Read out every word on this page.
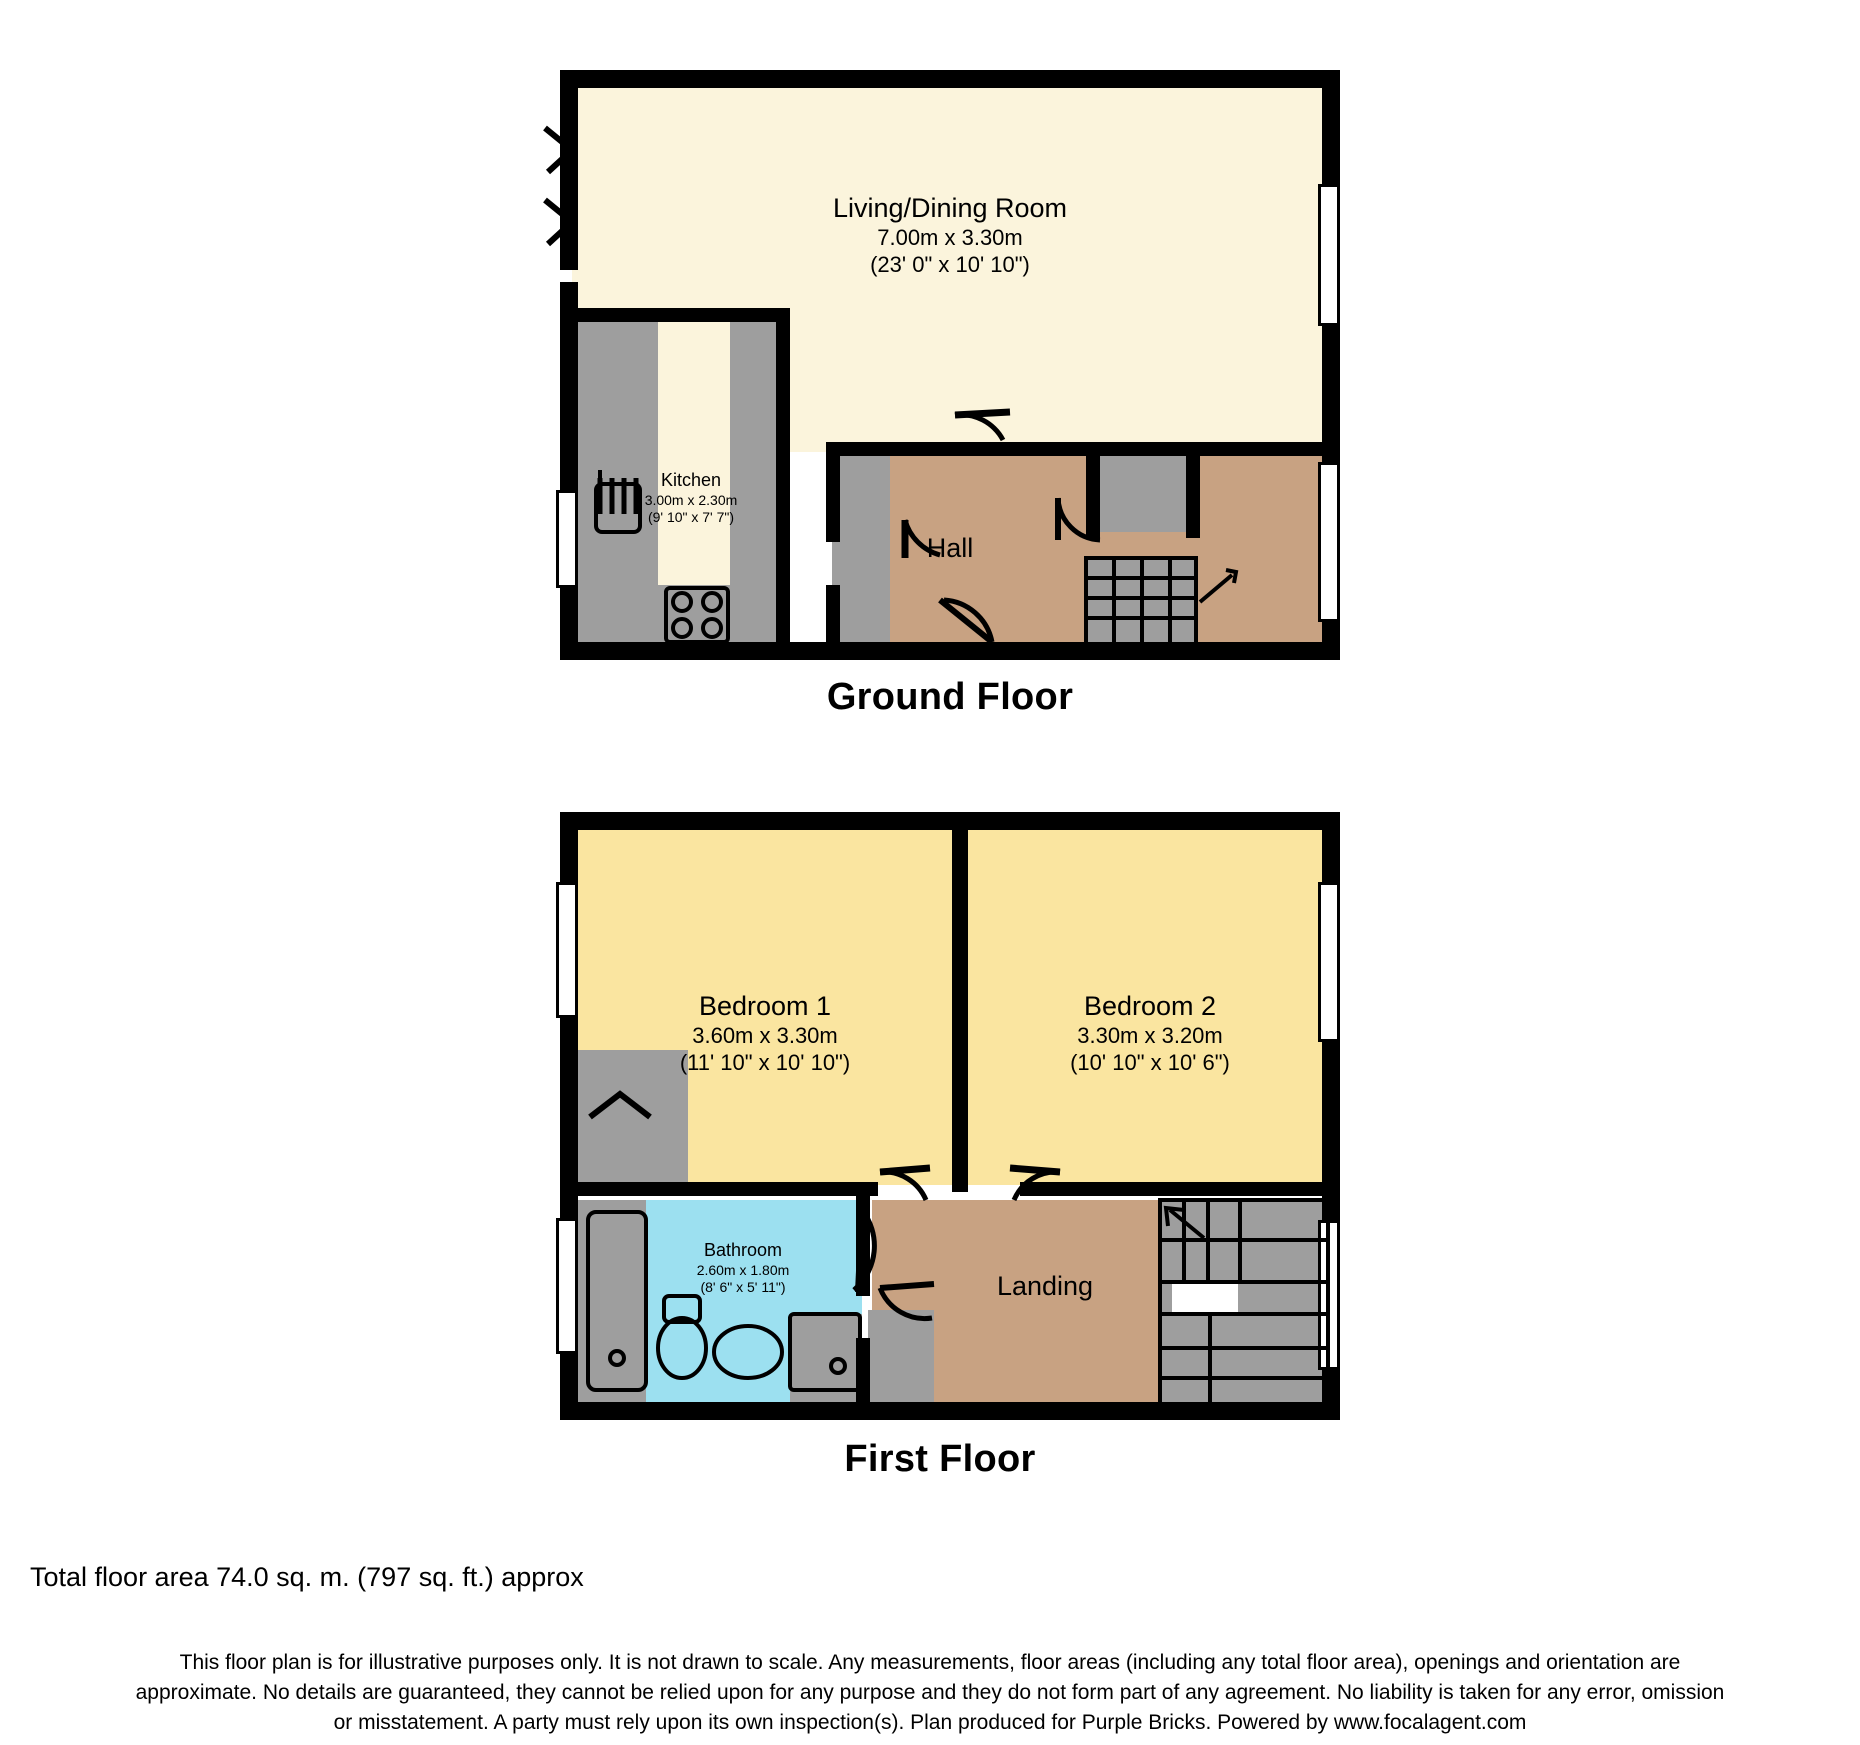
Living/Dining Room
7.00m x 3.30m
(23' 0" x 10' 10")
Kitchen
3.00m x 2.30m
(9' 10" x 7' 7")
Hall
Ground Floor
Bedroom 1
3.60m x 3.30m
(11' 10" x 10' 10")
Bedroom 2
3.30m x 3.20m
(10' 10" x 10' 6")
Bathroom
2.60m x 1.80m
(8' 6" x 5' 11")	Landing
First Floor
Total floor area 74.0 sq. m. (797 sq. ft.) approx
This floor plan is for illustrative purposes only. It is not drawn to scale. Any measurements, floor areas (including any total floor area), openings and orientation are
approximate. No details are guaranteed, they cannot be relied upon for any purpose and they do not form part of any agreement. No liability is taken for any error, omission
or misstatement. A party must rely upon its own inspection(s). Plan produced for Purple Bricks. Powered by www.focalagent.com
